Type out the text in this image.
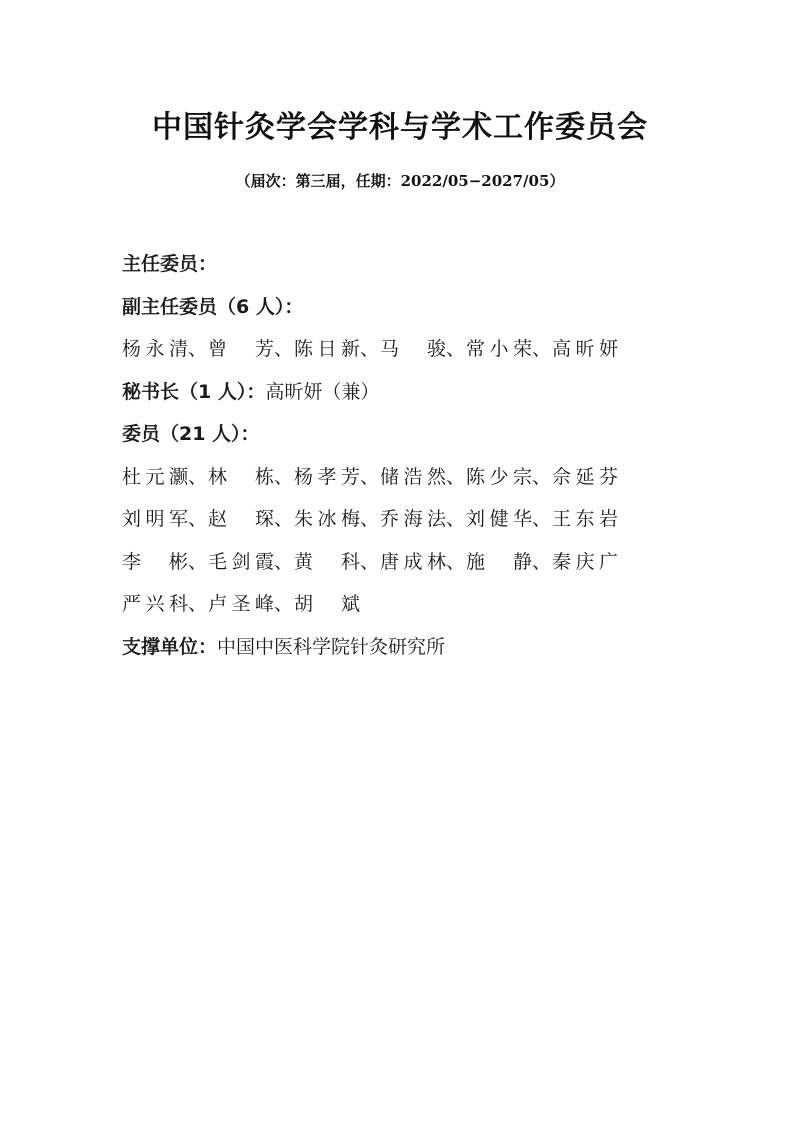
中国针灸学会学科与学术工作委员会
（届次：第三届，任期：2022/05−2027/05）
主任委员：
副主任委员（6 人）：
杨永清 、 曾　芳 、 陈日新 、 马　骏 、 常小荣 、 高昕妍
秘书长（1 人）：高昕妍（兼）
委员（21 人）：
杜元灏 、 林　栋 、 杨孝芳 、 储浩然 、 陈少宗 、 佘延芬
刘明军 、 赵　琛 、 朱冰梅 、 乔海法 、 刘健华 、 王东岩
李　彬 、 毛剑霞 、 黄　科 、 唐成林 、 施　静 、 秦庆广
严兴科 、 卢圣峰 、 胡　斌
支撑单位：中国中医科学院针灸研究所
